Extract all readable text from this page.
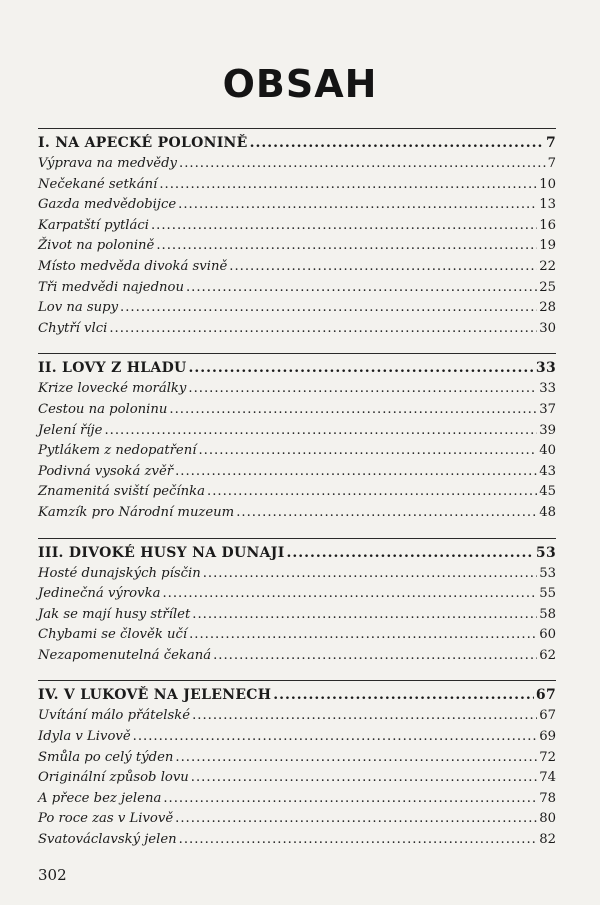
OBSAH
I. NA APECKÉ POLONINĚ .....	7
Výprava na medvědy .....	7
Nečekané setkání .....	10
Gazda medvědobijce .....	13
Karpatští pytláci .....	16
Život na polonině .....	19
Místo medvěda divoká svině .....	22
Tři medvědi najednou .....	25
Lov na supy .....	28
Chytří vlci .....	30
II. LOVY Z HLADU .....	33
Krize lovecké morálky .....	33
Cestou na poloninu .....	37
Jelení říje .....	39
Pytlákem z nedopatření .....	40
Podivná vysoká zvěř .....	43
Znamenitá sviští pečínka .....	45
Kamzík pro Národní muzeum .....	48
III. DIVOKÉ HUSY NA DUNAJI .....	53
Hosté dunajských písčin .....	53
Jedinečná výrovka .....	55
Jak se mají husy střílet .....	58
Chybami se člověk učí .....	60
Nezapomenutelná čekaná .....	62
IV. V LUKOVĚ NA JELENECH .....	67
Uvítání málo přátelské .....	67
Idyla v Livově .....	69
Smůla po celý týden .....	72
Originální způsob lovu .....	74
A přece bez jelena .....	78
Po roce zas v Livově .....	80
Svatováclavský jelen .....	82
302
